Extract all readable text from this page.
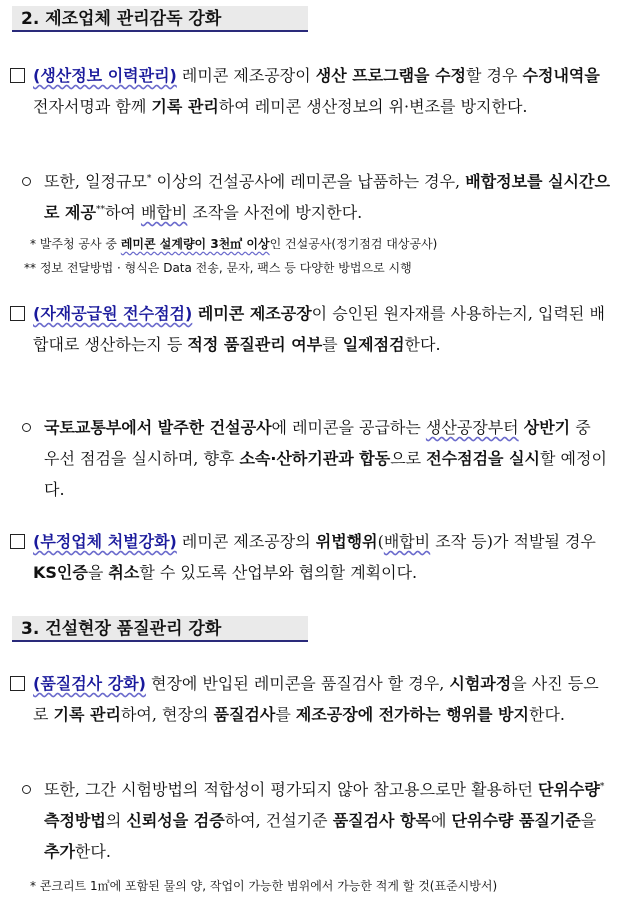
2. 제조업체 관리감독 강화
(생산정보 이력관리) 레미콘 제조공장이 생산 프로그램을 수정할 경우 수정내역을 전자서명과 함께 기록 관리하여 레미콘 생산정보의 위·변조를 방지한다.
또한, 일정규모* 이상의 건설공사에 레미콘을 납품하는 경우, 배합정보를 실시간으로 제공**하여 배합비 조작을 사전에 방지한다.
* 발주청 공사 중 레미콘 설계량이 3천㎥ 이상인 건설공사(정기점검 대상공사)
** 정보 전달방법 · 형식은 Data 전송, 문자, 팩스 등 다양한 방법으로 시행
(자재공급원 전수점검) 레미콘 제조공장이 승인된 원자재를 사용하는지, 입력된 배합대로 생산하는지 등 적정 품질관리 여부를 일제점검한다.
국토교통부에서 발주한 건설공사에 레미콘을 공급하는 생산공장부터 상반기 중 우선 점검을 실시하며, 향후 소속·산하기관과 합동으로 전수점검을 실시할 예정이다.
(부정업체 처벌강화) 레미콘 제조공장의 위법행위(배합비 조작 등)가 적발될 경우 KS인증을 취소할 수 있도록 산업부와 협의할 계획이다.
3. 건설현장 품질관리 강화
(품질검사 강화) 현장에 반입된 레미콘을 품질검사 할 경우, 시험과정을 사진 등으로 기록 관리하여, 현장의 품질검사를 제조공장에 전가하는 행위를 방지한다.
또한, 그간 시험방법의 적합성이 평가되지 않아 참고용으로만 활용하던 단위수량* 측정방법의 신뢰성을 검증하여, 건설기준 품질검사 항목에 단위수량 품질기준을 추가한다.
* 콘크리트 1㎥에 포함된 물의 양, 작업이 가능한 범위에서 가능한 적게 할 것(표준시방서)
